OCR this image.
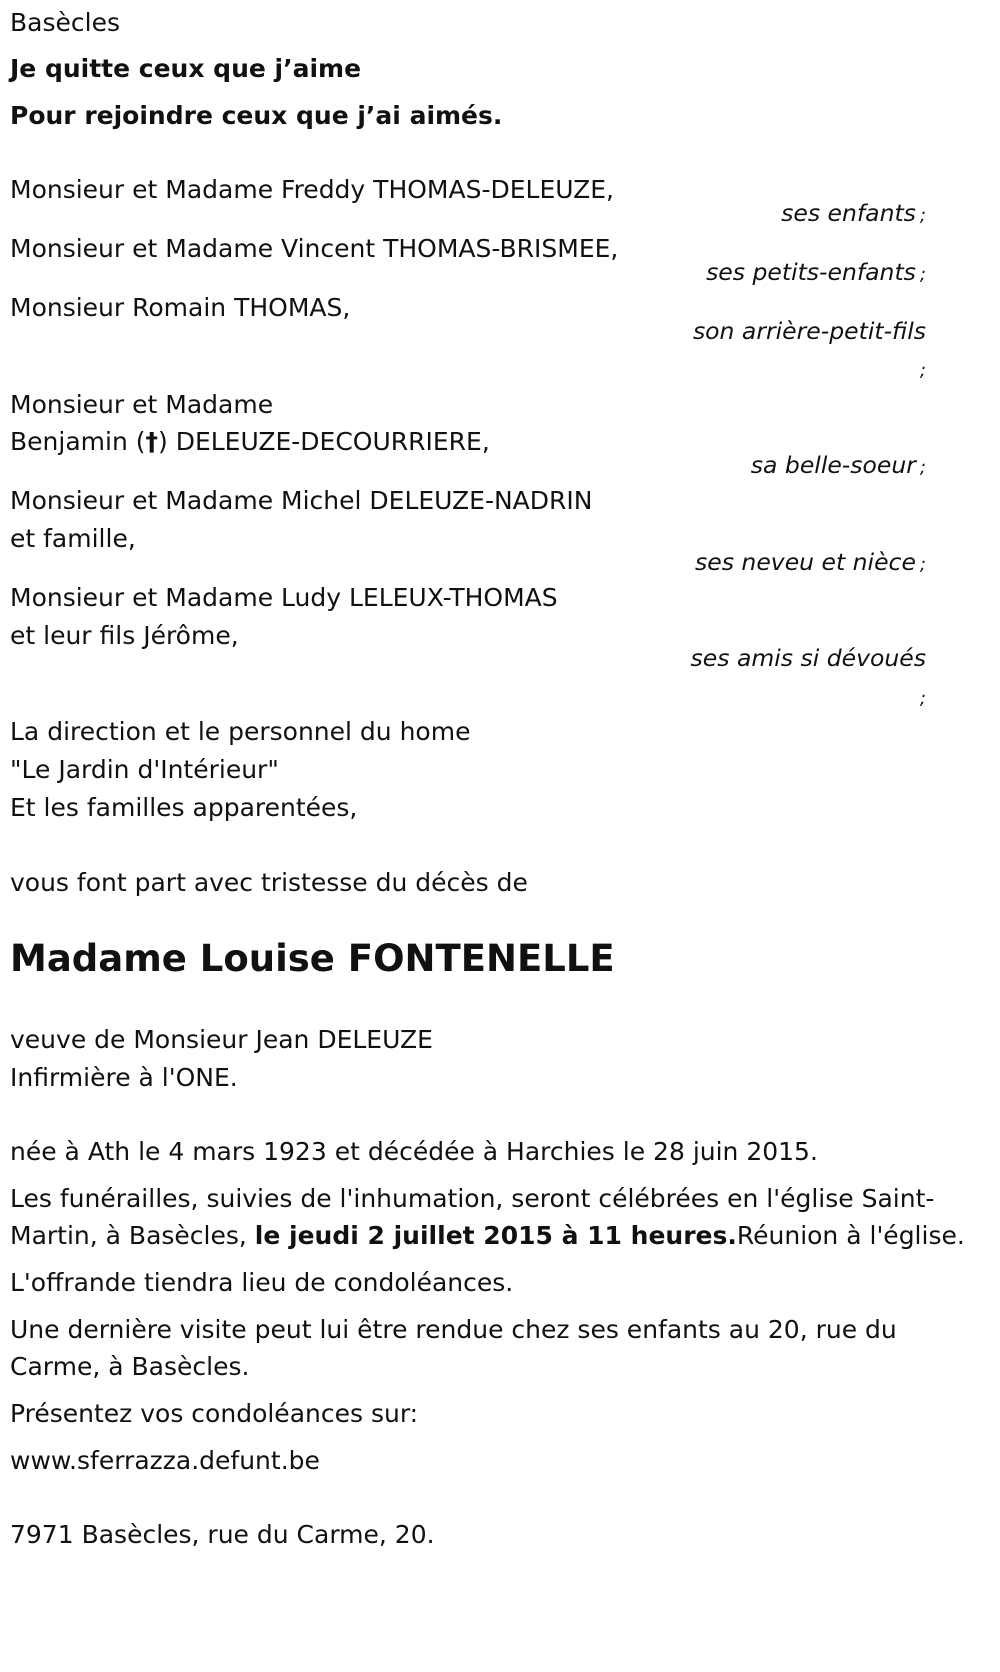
Basècles
Je quitte ceux que j’aime
Pour rejoindre ceux que j’ai aimés.
Monsieur et Madame Freddy THOMAS-DELEUZE,
ses enfants ;
Monsieur et Madame Vincent THOMAS-BRISMEE,
ses petits-enfants ;
Monsieur Romain THOMAS,
son arrière-petit-fils
;
Monsieur et Madame
Benjamin (†) DELEUZE-DECOURRIERE,
sa belle-soeur ;
Monsieur et Madame Michel DELEUZE-NADRIN
et famille,
ses neveu et nièce ;
Monsieur et Madame Ludy LELEUX-THOMAS
et leur fils Jérôme,
ses amis si dévoués
;
La direction et le personnel du home
"Le Jardin d'Intérieur"
Et les familles apparentées,
vous font part avec tristesse du décès de
Madame Louise FONTENELLE
veuve de Monsieur Jean DELEUZE
Infirmière à l'ONE.
née à Ath le 4 mars 1923 et décédée à Harchies le 28 juin 2015.
Les funérailles, suivies de l'inhumation, seront célébrées en l'église Saint-
Martin, à Basècles, le jeudi 2 juillet 2015 à 11 heures.Réunion à l'église.
L'offrande tiendra lieu de condoléances.
Une dernière visite peut lui être rendue chez ses enfants au 20, rue du
Carme, à Basècles.
Présentez vos condoléances sur:
www.sferrazza.defunt.be
7971 Basècles, rue du Carme, 20.
